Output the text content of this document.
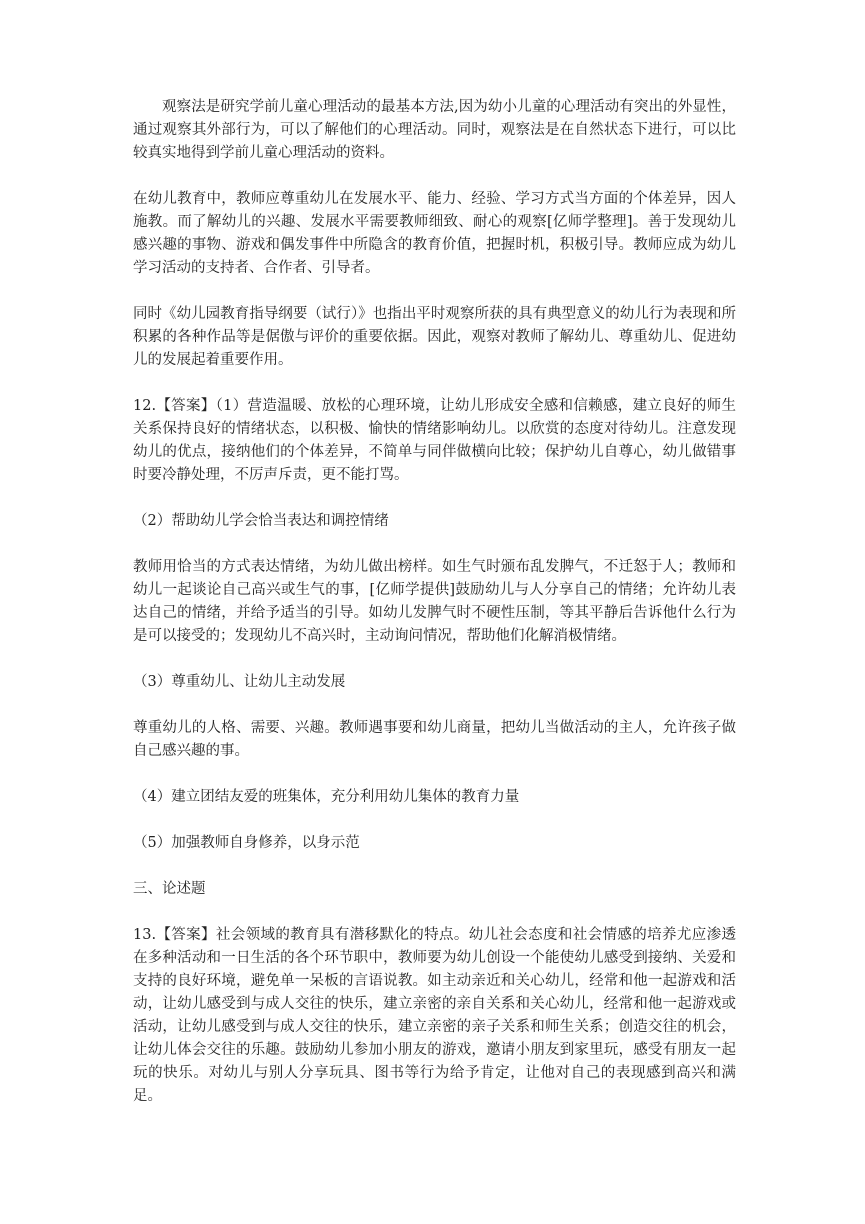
观察法是研究学前儿童心理活动的最基本方法,因为幼小儿童的心理活动有突出的外显性，通过观察其外部行为，可以了解他们的心理活动。同时，观察法是在自然状态下进行，可以比较真实地得到学前儿童心理活动的资料。

在幼儿教育中，教师应尊重幼儿在发展水平、能力、经验、学习方式当方面的个体差异，因人施教。而了解幼儿的兴趣、发展水平需要教师细致、耐心的观察[亿师学整理]。善于发现幼儿感兴趣的事物、游戏和偶发事件中所隐含的教育价值，把握时机，积极引导。教师应成为幼儿学习活动的支持者、合作者、引导者。

同时《幼儿园教育指导纲要（试行）》也指出平时观察所获的具有典型意义的幼儿行为表现和所积累的各种作品等是倨傲与评价的重要依据。因此，观察对教师了解幼儿、尊重幼儿、促进幼儿的发展起着重要作用。

12.【答案】（1）营造温暖、放松的心理环境，让幼儿形成安全感和信赖感，建立良好的师生关系保持良好的情绪状态，以积极、愉快的情绪影响幼儿。以欣赏的态度对待幼儿。注意发现幼儿的优点，接纳他们的个体差异，不简单与同伴做横向比较；保护幼儿自尊心，幼儿做错事时要冷静处理，不厉声斥责，更不能打骂。

（2）帮助幼儿学会恰当表达和调控情绪

教师用恰当的方式表达情绪，为幼儿做出榜样。如生气时颁布乱发脾气，不迁怒于人；教师和幼儿一起谈论自己高兴或生气的事，[亿师学提供]鼓励幼儿与人分享自己的情绪；允许幼儿表达自己的情绪，并给予适当的引导。如幼儿发脾气时不硬性压制，等其平静后告诉他什么行为是可以接受的；发现幼儿不高兴时，主动询问情况，帮助他们化解消极情绪。

（3）尊重幼儿、让幼儿主动发展

尊重幼儿的人格、需要、兴趣。教师遇事要和幼儿商量，把幼儿当做活动的主人，允许孩子做自己感兴趣的事。

（4）建立团结友爱的班集体，充分利用幼儿集体的教育力量

（5）加强教师自身修养，以身示范

三、论述题

13.【答案】社会领域的教育具有潜移默化的特点。幼儿社会态度和社会情感的培养尤应渗透在多种活动和一日生活的各个环节职中，教师要为幼儿创设一个能使幼儿感受到接纳、关爱和支持的良好环境，避免单一呆板的言语说教。如主动亲近和关心幼儿，经常和他一起游戏和活动，让幼儿感受到与成人交往的快乐，建立亲密的亲自关系和关心幼儿，经常和他一起游戏或活动，让幼儿感受到与成人交往的快乐，建立亲密的亲子关系和师生关系；创造交往的机会，让幼儿体会交往的乐趣。鼓励幼儿参加小朋友的游戏，邀请小朋友到家里玩，感受有朋友一起玩的快乐。对幼儿与别人分享玩具、图书等行为给予肯定，让他对自己的表现感到高兴和满足。
